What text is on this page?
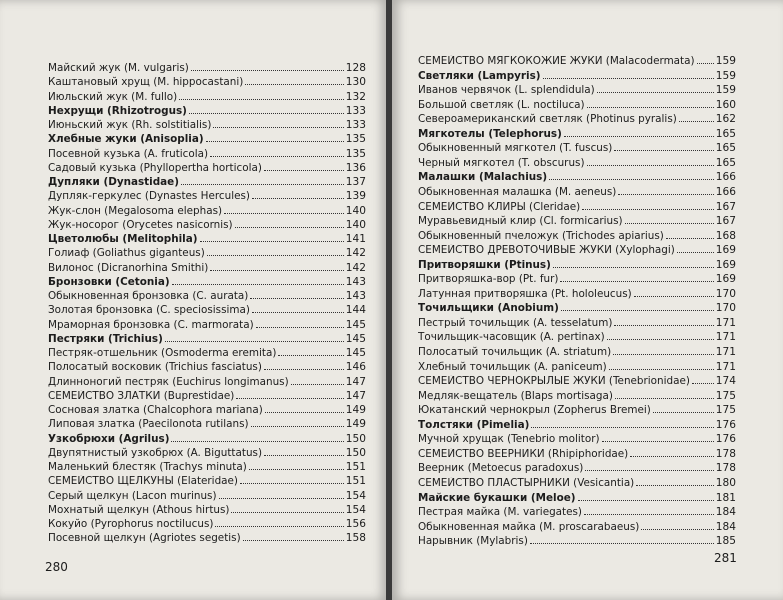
Майский жук (M. vulgaris)	128
Каштановый хрущ (M. hippocastani)	130
Июльский жук (M. fullo)	132
Нехрущи (Rhizotrogus)	133
Июньский жук (Rh. solstitialis)	133
Хлебные жуки (Anisoplia)	135
Посевной кузька (A. fruticola)	135
Садовый кузька (Phyllopertha horticola)	136
Дупляки (Dynastidae)	137
Дупляк-геркулес (Dynastes Hercules)	139
Жук-слон (Megalosoma elephas)	140
Жук-носорог (Orycetes nasicornis)	140
Цветолюбы (Melitophila)	141
Голиаф (Goliathus giganteus)	142
Вилонос (Dicranorhina Smithi)	142
Бронзовки (Cetonia)	143
Обыкновенная бронзовка (C. aurata)	143
Золотая бронзовка (C. speciosissima)	144
Мраморная бронзовка (C. marmorata)	145
Пестряки (Trichius)	145
Пестряк-отшельник (Osmoderma eremita)	145
Полосатый восковик (Trichius fasciatus)	146
Длинноногий пестряк (Euchirus longimanus)	147
СЕМЕЙСТВО ЗЛАТКИ (Buprestidae)	147
Сосновая златка (Chalcophora mariana)	149
Липовая златка (Paecilonota rutilans)	149
Узкобрюхи (Agrilus)	150
Двупятнистый узкобрюх (A. Biguttatus)	150
Маленький блестяк (Trachys minuta)	151
СЕМЕЙСТВО ЩЕЛКУНЫ (Elateridae)	151
Серый щелкун (Lacon murinus)	154
Мохнатый щелкун (Athous hirtus)	154
Кокуйо (Pyrophorus noctilucus)	156
Посевной щелкун (Agriotes segetis)	158
280
СЕМЕЙСТВО МЯГКОКОЖИЕ ЖУКИ (Malacodermata) 159
Светляки (Lampyris)	159
Иванов червячок (L. splendidula)	159
Большой светляк (L. noctiluca)	160
Североамериканский светляк (Photinus pyralis)	162
Мягкотелы (Telephorus)	165
Обыкновенный мягкотел (T. fuscus)	165
Черный мягкотел (T. obscurus)	165
Малашки (Malachius)	166
Обыкновенная малашка (M. aeneus)	166
СЕМЕЙСТВО КЛИРЫ (Cleridae)	167
Муравьевидный клир (Cl. formicarius)	167
Обыкновенный пчеложук (Trichodes apiarius)	168
СЕМЕЙСТВО ДРЕВОТОЧИВЫЕ ЖУКИ (Xylophagi)	169
Притворяшки (Ptinus)	169
Притворяшка-вор (Pt. fur)	169
Латунная притворяшка (Pt. hololeucus)	170
Точильщики (Anobium)	170
Пестрый точильщик (A. tesselatum)	171
Точильщик-часовщик (A. pertinax)	171
Полосатый точильщик (A. striatum)	171
Хлебный точильщик (A. paniceum)	171
СЕМЕЙСТВО ЧЕРНОКРЫЛЫЕ ЖУКИ (Tenebrionidae) 174
Медляк-вещатель (Blaps mortisaga)	175
Юкатанский чернокрыл (Zopherus Bremei)	175
Толстяки (Pimelia)	176
Мучной хрущак (Tenebrio molitor)	176
СЕМЕЙСТВО ВЕЕРНИКИ (Rhipiphoridae)	178
Веерник (Metoecus paradoxus)	178
СЕМЕЙСТВО ПЛАСТЫРНИКИ (Vesicantia)	180
Майские букашки (Meloe)	181
Пестрая майка (M. variegates)	184
Обыкновенная майка (M. proscarabaeus)	184
Нарывник (Mylabris)	185
281
